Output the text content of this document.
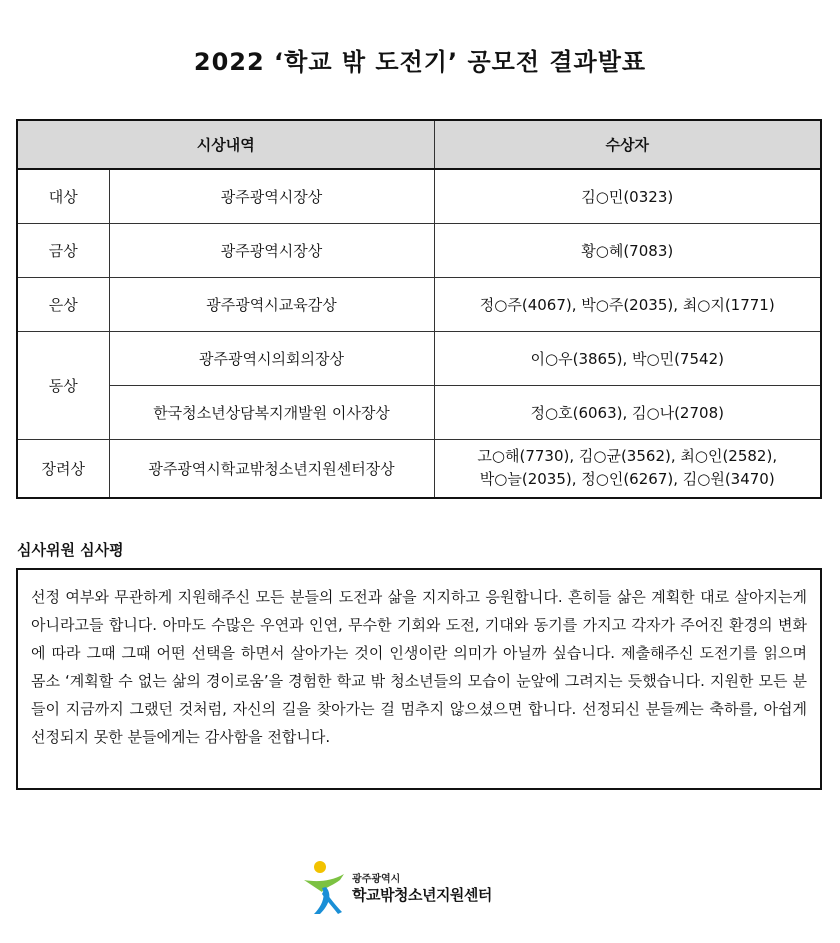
2022 ‘학교 밖 도전기’ 공모전 결과발표
시상내역		수상자
대상	광주광역시장상	김○민(0323)
금상	광주광역시장상	황○혜(7083)
은상	광주광역시교육감상	정○주(4067), 박○주(2035), 최○지(1771)
동상	광주광역시의회의장상	이○우(3865), 박○민(7542)
	한국청소년상담복지개발원 이사장상	정○호(6063), 김○나(2708)
장려상	광주광역시학교밖청소년지원센터장상	고○해(7730), 김○균(3562), 최○인(2582),
박○늘(2035), 정○인(6267), 김○원(3470)
심사위원 심사평

선정 여부와 무관하게 지원해주신 모든 분들의 도전과 삶을 지지하고 응원합니다. 흔히들 삶은 계획한 대로 살아지는게 아니라고들 합니다. 아마도 수많은 우연과 인연, 무수한 기회와 도전, 기대와 동기를 가지고 각자가 주어진 환경의 변화에 따라 그때 그때 어떤 선택을 하면서 살아가는 것이 인생이란 의미가 아닐까 싶습니다. 제출해주신 도전기를 읽으며 몸소 ‘계획할 수 없는 삶의 경이로움’을 경험한 학교 밖 청소년들의 모습이 눈앞에 그려지는 듯했습니다. 지원한 모든 분들이 지금까지 그랬던 것처럼, 자신의 길을 찾아가는 걸 멈추지 않으셨으면 합니다. 선정되신 분들께는 축하를, 아쉽게 선정되지 못한 분들에게는 감사함을 전합니다.

광주광역시
학교밖청소년지원센터
